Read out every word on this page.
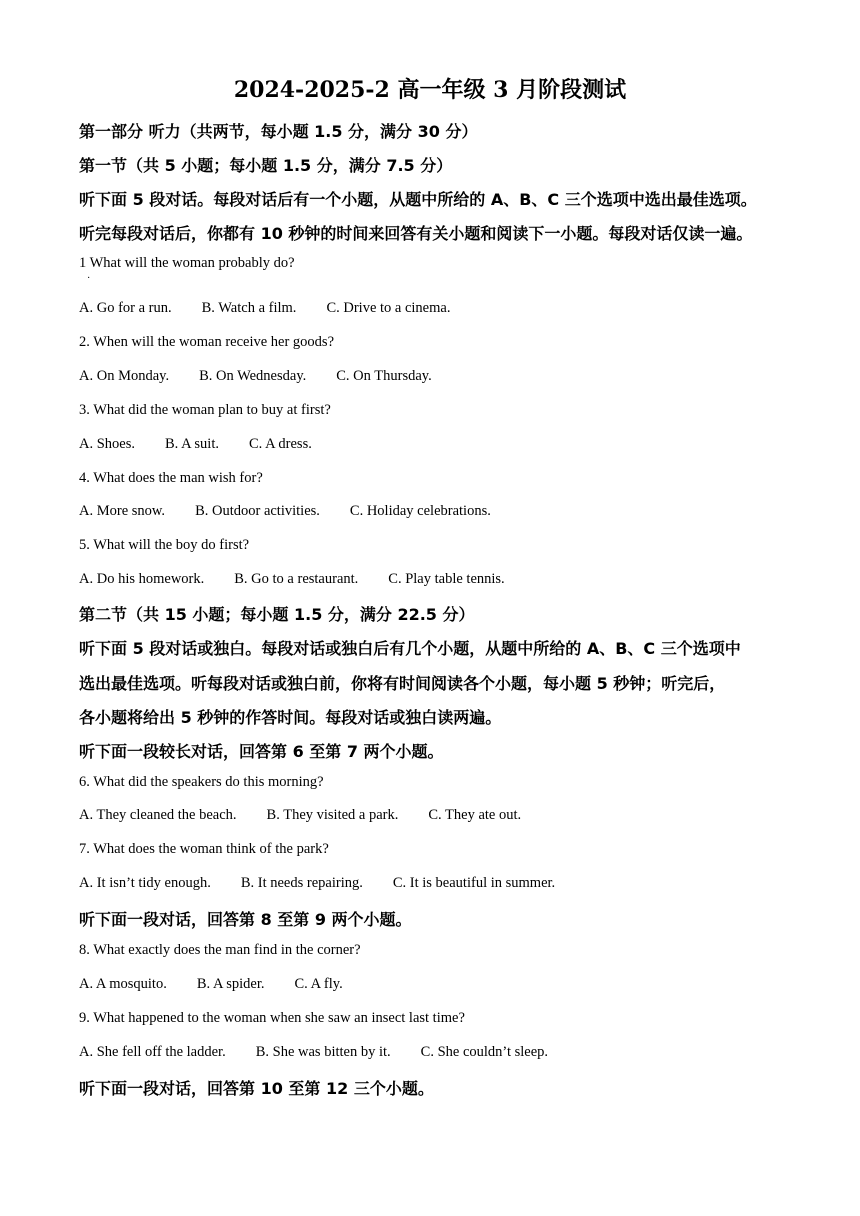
2024-2025-2 高一年级 3 月阶段测试
第一部分 听力（共两节，每小题 1.5 分，满分 30 分）
第一节（共 5 小题；每小题 1.5 分，满分 7.5 分）
听下面 5 段对话。每段对话后有一个小题，从题中所给的 A、B、C 三个选项中选出最佳选项。
听完每段对话后，你都有 10 秒钟的时间来回答有关小题和阅读下一小题。每段对话仅读一遍。
1 What will the woman probably do?
·
A. Go for a run. B. Watch a film. C. Drive to a cinema.
2. When will the woman receive her goods?
A. On Monday. B. On Wednesday. C. On Thursday.
3. What did the woman plan to buy at first?
A. Shoes. B. A suit. C. A dress.
4. What does the man wish for?
A. More snow. B. Outdoor activities. C. Holiday celebrations.
5. What will the boy do first?
A. Do his homework. B. Go to a restaurant. C. Play table tennis.
第二节（共 15 小题；每小题 1.5 分，满分 22.5 分）
听下面 5 段对话或独白。每段对话或独白后有几个小题，从题中所给的 A、B、C 三个选项中
选出最佳选项。听每段对话或独白前，你将有时间阅读各个小题，每小题 5 秒钟；听完后，
各小题将给出 5 秒钟的作答时间。每段对话或独白读两遍。
听下面一段较长对话，回答第 6 至第 7 两个小题。
6. What did the speakers do this morning?
A. They cleaned the beach. B. They visited a park. C. They ate out.
7. What does the woman think of the park?
A. It isn’t tidy enough. B. It needs repairing. C. It is beautiful in summer.
听下面一段对话，回答第 8 至第 9 两个小题。
8. What exactly does the man find in the corner?
A. A mosquito. B. A spider. C. A fly.
9. What happened to the woman when she saw an insect last time?
A. She fell off the ladder. B. She was bitten by it. C. She couldn’t sleep.
听下面一段对话，回答第 10 至第 12 三个小题。
